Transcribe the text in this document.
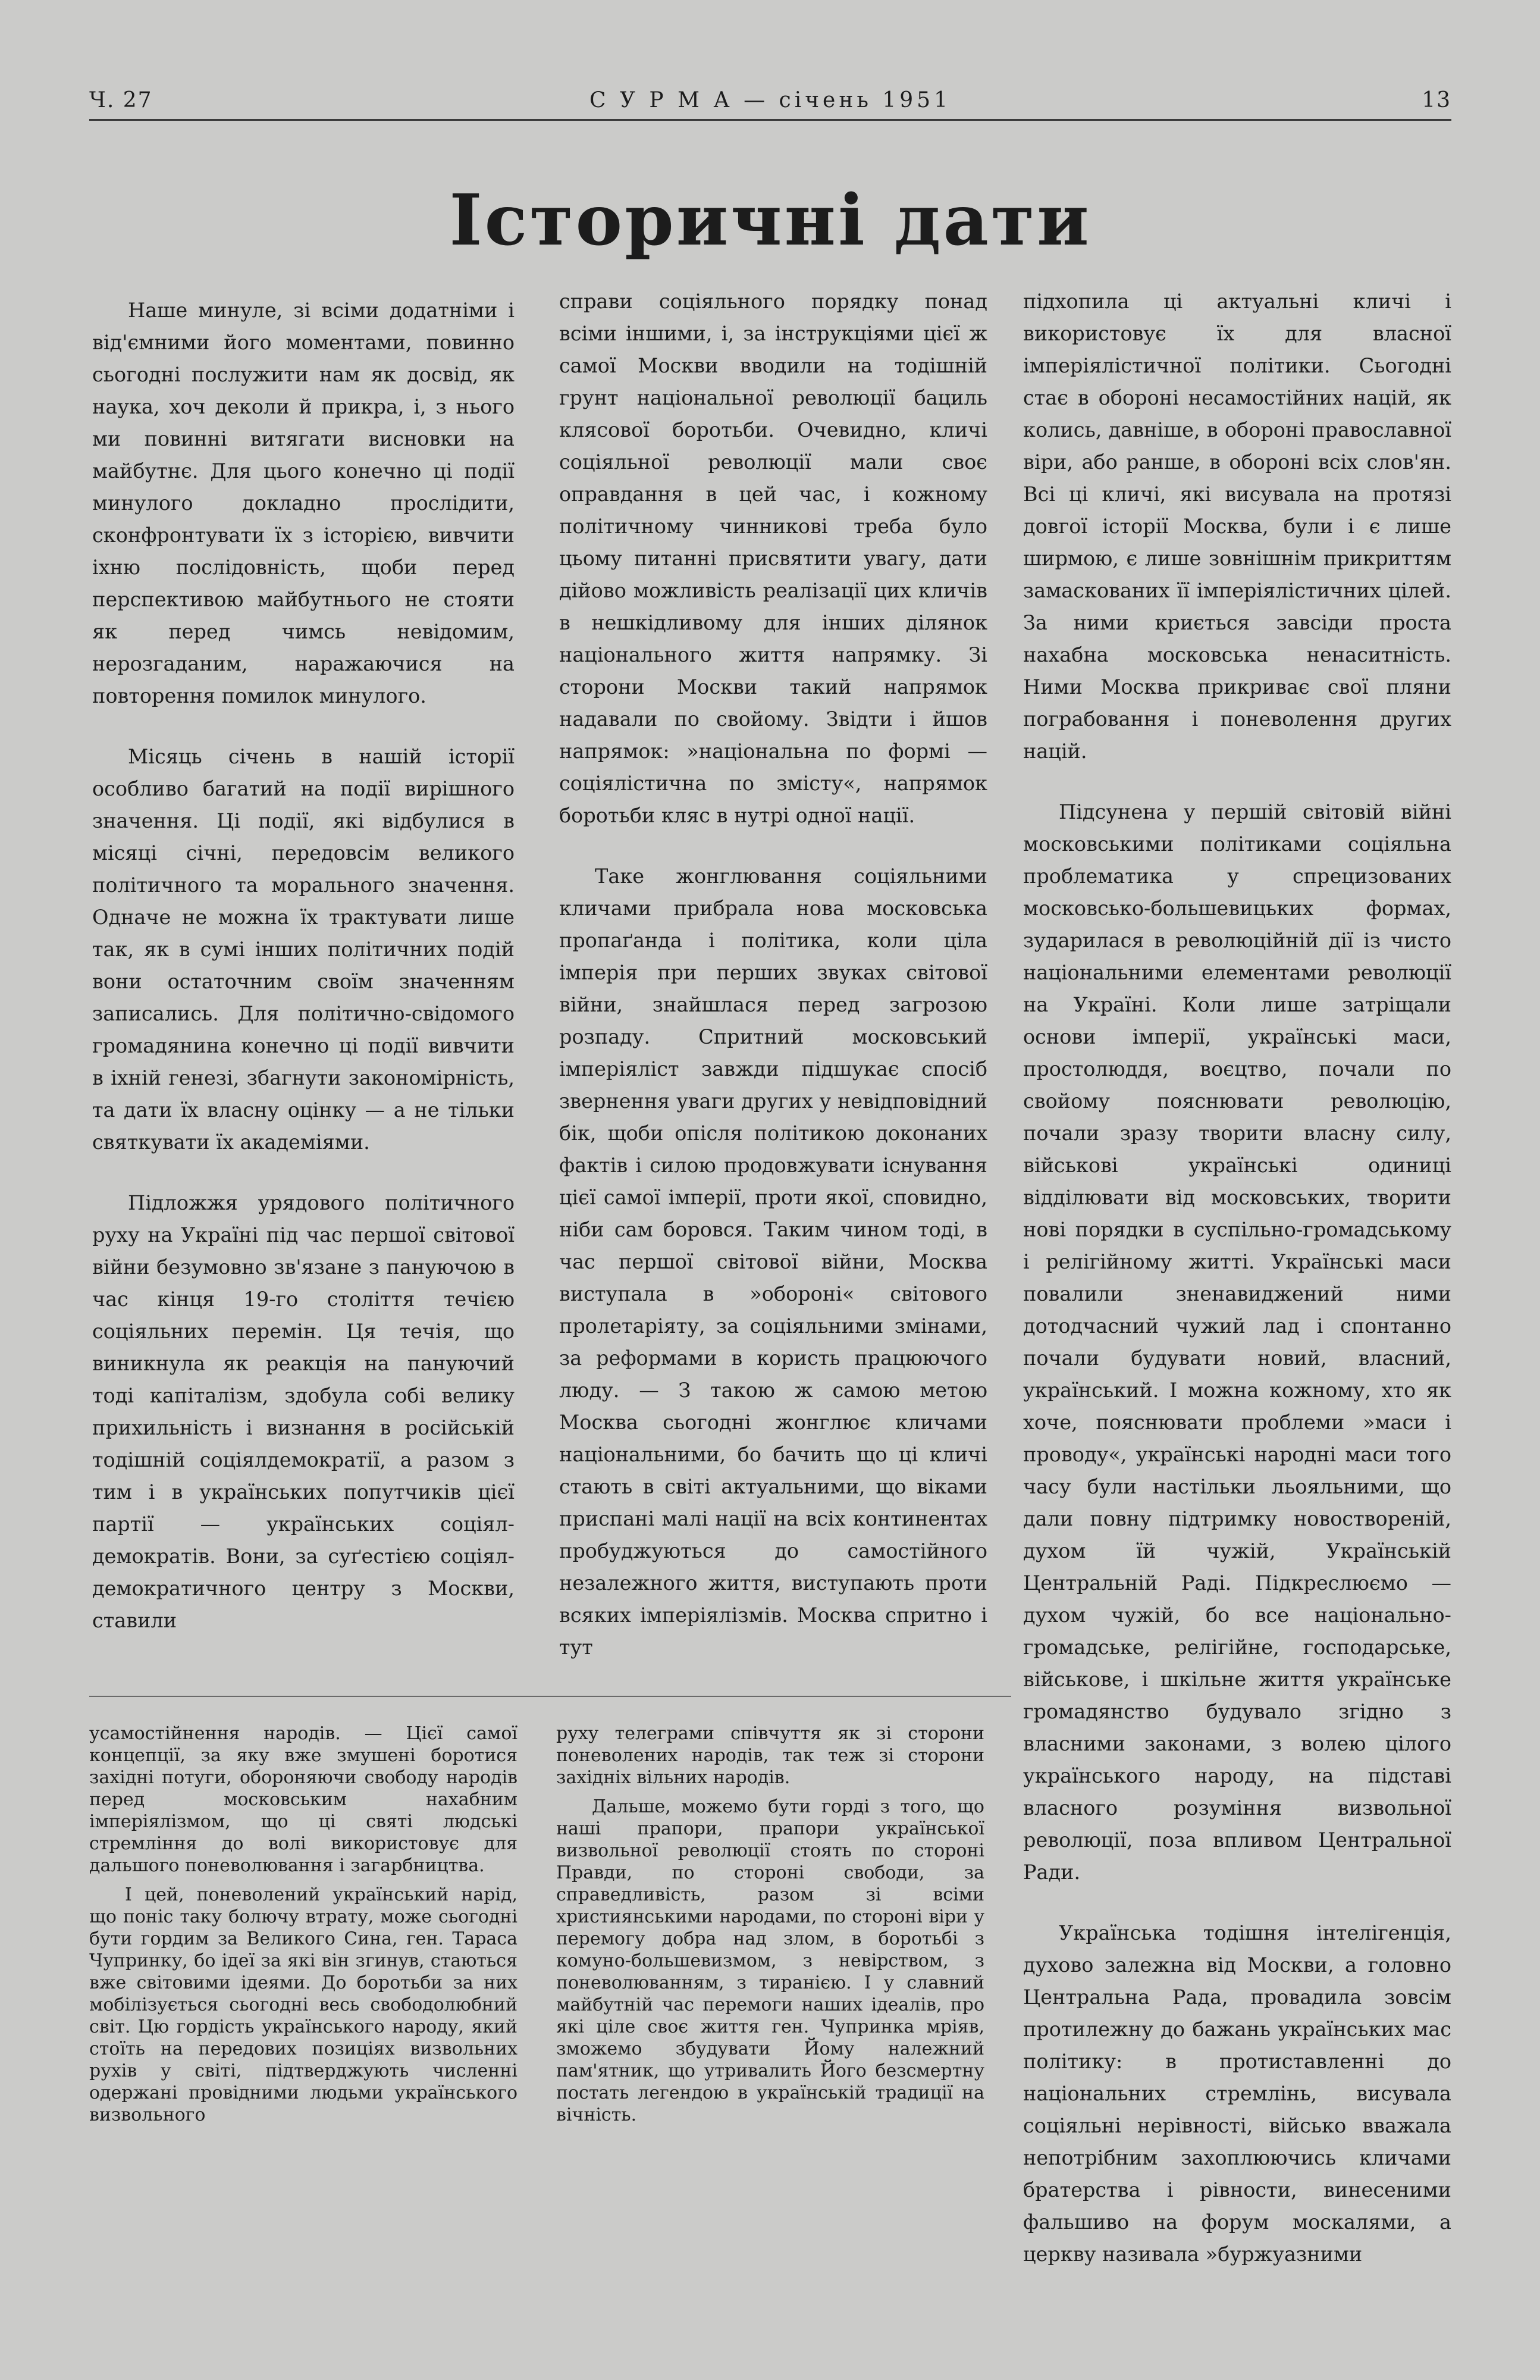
Ч. 27	С У Р М А — січень 1951	13
Історичні дати

Наше минуле, зі всіми додатніми і від'ємними його моментами, повинно сьогодні послужити нам як досвід, як наука, хоч деколи й прикра, і, з нього ми повинні витягати висновки на майбутнє. Для цього конечно ці події минулого докладно прослідити, сконфронтувати їх з історією, вивчити іхню послідовність, щоби перед перспективою майбутнього не стояти як перед чимсь невідомим, нерозгаданим, наражаючися на повторення помилок минулого.

Місяць січень в нашій історії особливо багатий на події вирішного значення. Ці події, які відбулися в місяці січні, передовсім великого політичного та морального значення. Одначе не можна їх трактувати лише так, як в сумі інших політичних подій вони остаточним своїм значенням записались. Для політично-свідомого громадянина конечно ці події вивчити в іхній генезі, збагнути закономірність, та дати їх власну оцінку — а не тільки святкувати їх академіями.

Підложжя урядового політичного руху на Україні під час першої світової війни безумовно зв'язане з пануючою в час кінця 19-го століття течією соціяльних перемін. Ця течія, що виникнула як реакція на пануючий тоді капіталізм, здобула собі велику прихильність і визнання в російській тодішній соціялдемократії, а разом з тим і в українських попутчиків цієї партії — українських соціял-демократів. Вони, за суґестією соціял-демократичного центру з Москви, ставили

справи соціяльного порядку понад всіми іншими, і, за інструкціями цієї ж самої Москви вводили на тодішній грунт національної революції бациль клясової боротьби. Очевидно, кличі соціяльної революції мали своє оправдання в цей час, і кожному політичному чинникові треба було цьому питанні присвятити увагу, дати дійово можливість реалізації цих кличів в нешкідливому для інших ділянок національного життя напрямку. Зі сторони Москви такий напрямок надавали по свойому. Звідти і йшов напрямок: »національна по формі — соціялістична по змісту«, напрямок боротьби кляс в нутрі одної нації.

Таке жонглювання соціяльними кличами прибрала нова московська пропаґанда і політика, коли ціла імперія при перших звуках світової війни, знайшлася перед загрозою розпаду. Спритний московський імперіяліст завжди підшукає спосіб звернення уваги других у невідповідний бік, щоби опісля політикою доконаних фактів і силою продовжувати існування цієї самої імперії, проти якої, сповидно, ніби сам боровся. Таким чином тоді, в час першої світової війни, Москва виступала в »обороні« світового пролетаріяту, за соціяльними змінами, за реформами в користь працюючого люду. — З такою ж самою метою Москва сьогодні жонглює кличами національними, бо бачить що ці кличі стають в світі актуальними, що віками приспані малі нації на всіх континентах пробуджуються до самостійного незалежного життя, виступають проти всяких імперіялізмів. Москва спритно і тут

підхопила ці актуальні кличі і використовує їх для власної імперіялістичної політики. Сьогодні стає в обороні несамостійних націй, як колись, давніше, в обороні православної віри, або ранше, в обороні всіх слов'ян. Всі ці кличі, які висувала на протязі довгої історії Москва, були і є лише ширмою, є лише зовнішнім прикриттям замаскованих її імперіялістичних цілей. За ними криється завсіди проста нахабна московська ненаситність. Ними Москва прикриває свої пляни пограбовання і поневолення других націй.

Підсунена у першій світовій війні московськими політиками соціяльна проблематика у спрецизованих московсько-большевицьких формах, зударилася в революційній дії із чисто національними елементами революції на Україні. Коли лише затріщали основи імперії, українські маси, простолюддя, воєцтво, почали по свойому пояснювати революцію, почали зразу творити власну силу, військові українські одиниці відділювати від московських, творити нові порядки в суспільно-громадському і релігійному житті. Українські маси повалили зненавиджений ними дотодчасний чужий лад і спонтанно почали будувати новий, власний, український. І можна кожному, хто як хоче, пояснювати проблеми »маси і проводу«, українські народні маси того часу були настільки льояльними, що дали повну підтримку новоствореній, духом їй чужій, Українській Центральній Раді. Підкреслюємо — духом чужій, бо все національно-громадське, релігійне, господарське, військове, і шкільне життя українське громадянство будувало згідно з власними законами, з волею цілого українського народу, на підставі власного розуміння визвольної революції, поза впливом Центральної Ради.

Українська тодішня інтелігенція, духово залежна від Москви, а головно Центральна Рада, провадила зовсім протилежну до бажань українських мас політику: в протиставленні до національних стремлінь, висувала соціяльні нерівності, військо вважала непотрібним захоплюючись кличами братерства і рівности, винесеними фальшиво на форум москалями, а церкву називала »буржуазними

усамостійнення народів. — Цієї самої концепції, за яку вже змушені боротися західні потуги, обороняючи свободу народів перед московським нахабним імперіялізмом, що ці святі людські стремління до волі використовує для дальшого поневолювання і загарбництва.

І цей, поневолений український нарід, що поніс таку болючу втрату, може сьогодні бути гордим за Великого Сина, ген. Тараса Чупринку, бо ідеї за які він згинув, стаються вже світовими ідеями. До боротьби за них мобілізується сьогодні весь свободолюбний світ. Цю гордість українського народу, який стоїть на передових позиціях визвольних рухів у світі, підтверджують численні одержані провідними людьми українського визвольного

руху телеграми співчуття як зі сторони поневолених народів, так теж зі сторони західніх вільних народів.

Дальше, можемо бути горді з того, що наші прапори, прапори української визвольної революції стоять по стороні Правди, по стороні свободи, за справедливість, разом зі всіми християнськими народами, по стороні віри у перемогу добра над злом, в боротьбі з комуно-большевизмом, з невірством, з поневолюванням, з тиранією. І у славний майбутній час перемоги наших ідеалів, про які ціле своє життя ген. Чупринка мріяв, зможемо збудувати Йому належний пам'ятник, що утривалить Його безсмертну постать легендою в українській традиції на вічність.
